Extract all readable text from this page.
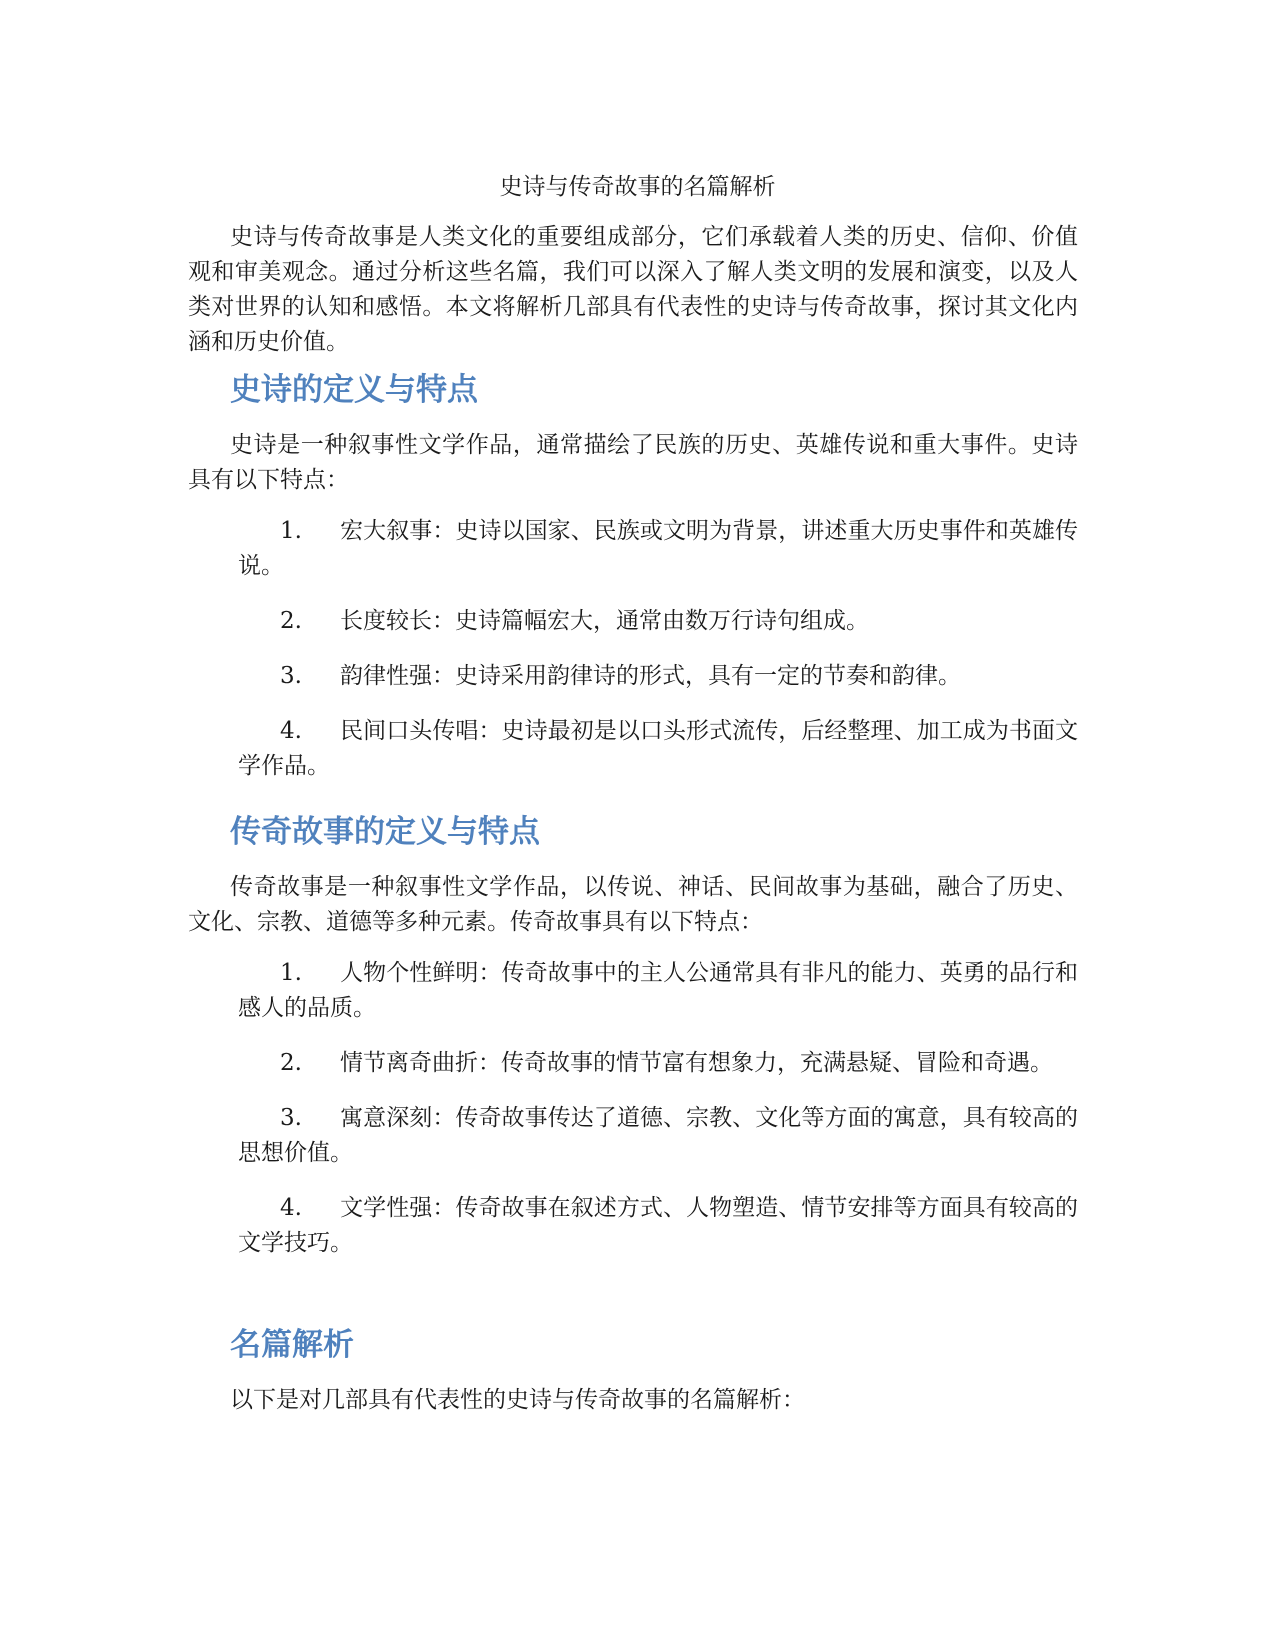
史诗与传奇故事的名篇解析
史诗与传奇故事是人类文化的重要组成部分，它们承载着人类的历史、信仰、价值观和审美观念。通过分析这些名篇，我们可以深入了解人类文明的发展和演变，以及人类对世界的认知和感悟。本文将解析几部具有代表性的史诗与传奇故事，探讨其文化内涵和历史价值。
史诗的定义与特点
史诗是一种叙事性文学作品，通常描绘了民族的历史、英雄传说和重大事件。史诗具有以下特点：
1. 宏大叙事：史诗以国家、民族或文明为背景，讲述重大历史事件和英雄传说。
2. 长度较长：史诗篇幅宏大，通常由数万行诗句组成。
3. 韵律性强：史诗采用韵律诗的形式，具有一定的节奏和韵律。
4. 民间口头传唱：史诗最初是以口头形式流传，后经整理、加工成为书面文学作品。
传奇故事的定义与特点
传奇故事是一种叙事性文学作品，以传说、神话、民间故事为基础，融合了历史、文化、宗教、道德等多种元素。传奇故事具有以下特点：
1. 人物个性鲜明：传奇故事中的主人公通常具有非凡的能力、英勇的品行和感人的品质。
2. 情节离奇曲折：传奇故事的情节富有想象力，充满悬疑、冒险和奇遇。
3. 寓意深刻：传奇故事传达了道德、宗教、文化等方面的寓意，具有较高的思想价值。
4. 文学性强：传奇故事在叙述方式、人物塑造、情节安排等方面具有较高的文学技巧。
名篇解析
以下是对几部具有代表性的史诗与传奇故事的名篇解析：
